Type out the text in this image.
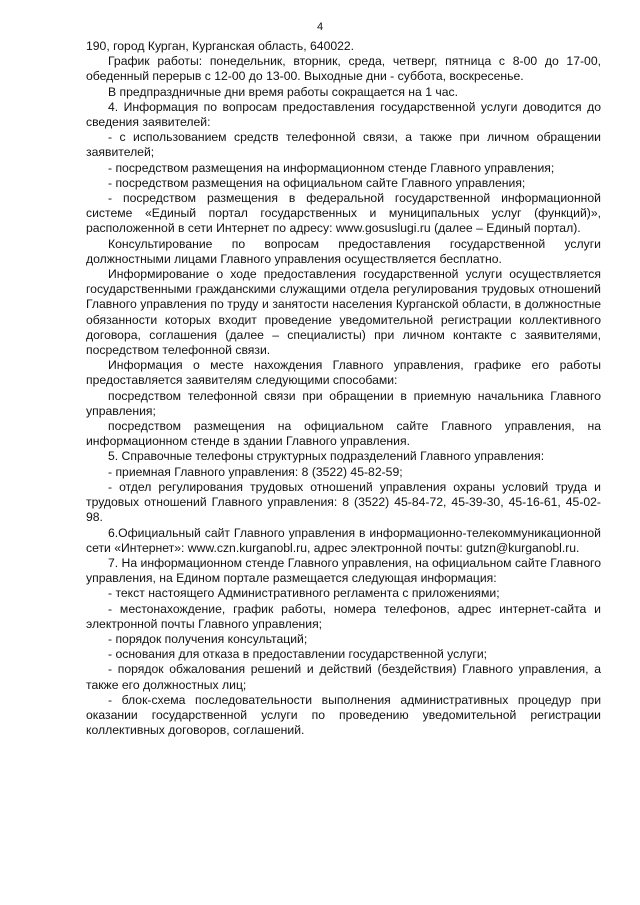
4

190, город Курган, Курганская область, 640022.

График работы: понедельник, вторник, среда, четверг, пятница с 8-00 до 17-00, обеденный перерыв с 12-00 до 13-00. Выходные дни - суббота, воскресенье.

В предпраздничные дни время работы сокращается на 1 час.

4. Информация по вопросам предоставления государственной услуги доводится до сведения заявителей:

- с использованием средств телефонной связи, а также при личном обращении заявителей;

- посредством размещения на информационном стенде Главного управления;

- посредством размещения на официальном сайте Главного управления;

- посредством размещения в федеральной государственной информационной системе «Единый портал государственных и муниципальных услуг (функций)», расположенной в сети Интернет по адресу: www.gosuslugi.ru (далее – Единый портал).

Консультирование по вопросам предоставления государственной услуги должностными лицами Главного управления осуществляется бесплатно.

Информирование о ходе предоставления государственной услуги осуществляется государственными гражданскими служащими отдела регулирования трудовых отношений Главного управления по труду и занятости населения Курганской области, в должностные обязанности которых входит проведение уведомительной регистрации коллективного договора, соглашения (далее – специалисты) при личном контакте с заявителями, посредством телефонной связи.

Информация о месте нахождения Главного управления, графике его работы предоставляется заявителям следующими способами:

посредством телефонной связи при обращении в приемную начальника Главного управления;

посредством размещения на официальном сайте Главного управления, на информационном стенде в здании Главного управления.

5. Справочные телефоны структурных подразделений Главного управления:

- приемная Главного управления: 8 (3522) 45-82-59;

- отдел регулирования трудовых отношений управления охраны условий труда и трудовых отношений Главного управления: 8 (3522) 45-84-72, 45-39-30, 45-16-61, 45-02-98.

6.Официальный сайт Главного управления в информационно-телекоммуникационной сети «Интернет»: www.czn.kurganobl.ru, адрес электронной почты: gutzn@kurganobl.ru.

7. На информационном стенде Главного управления, на официальном сайте Главного управления, на Едином портале размещается следующая информация:

- текст настоящего Административного регламента с приложениями;

- местонахождение, график работы, номера телефонов, адрес интернет-сайта и электронной почты Главного управления;

- порядок получения консультаций;

- основания для отказа в предоставлении государственной услуги;

- порядок обжалования решений и действий (бездействия) Главного управления, а также его должностных лиц;

- блок-схема последовательности выполнения административных процедур при оказании государственной услуги по проведению уведомительной регистрации коллективных договоров, соглашений.
